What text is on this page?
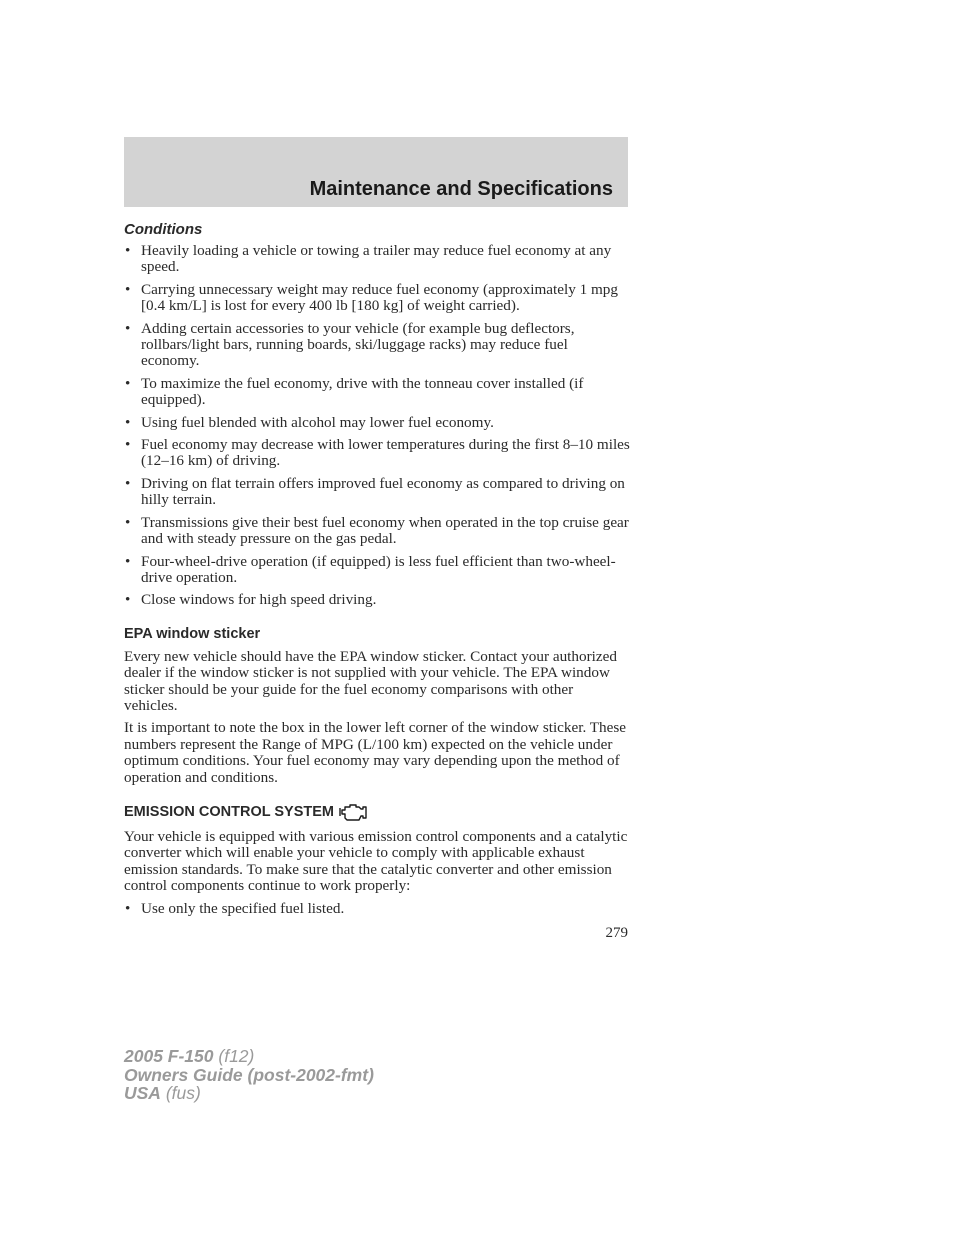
Maintenance and Specifications
Conditions
• Heavily loading a vehicle or towing a trailer may reduce fuel economy at any speed.
• Carrying unnecessary weight may reduce fuel economy (approximately 1 mpg [0.4 km/L] is lost for every 400 lb [180 kg] of weight carried).
• Adding certain accessories to your vehicle (for example bug deflectors, rollbars/light bars, running boards, ski/luggage racks) may reduce fuel economy.
• To maximize the fuel economy, drive with the tonneau cover installed (if equipped).
• Using fuel blended with alcohol may lower fuel economy.
• Fuel economy may decrease with lower temperatures during the first 8–10 miles (12–16 km) of driving.
• Driving on flat terrain offers improved fuel economy as compared to driving on hilly terrain.
• Transmissions give their best fuel economy when operated in the top cruise gear and with steady pressure on the gas pedal.
• Four-wheel-drive operation (if equipped) is less fuel efficient than two-wheel-drive operation.
• Close windows for high speed driving.
EPA window sticker

Every new vehicle should have the EPA window sticker. Contact your authorized dealer if the window sticker is not supplied with your vehicle. The EPA window sticker should be your guide for the fuel economy comparisons with other vehicles.

It is important to note the box in the lower left corner of the window sticker. These numbers represent the Range of MPG (L/100 km) expected on the vehicle under optimum conditions. Your fuel economy may vary depending upon the method of operation and conditions.

EMISSION CONTROL SYSTEM

Your vehicle is equipped with various emission control components and a catalytic converter which will enable your vehicle to comply with applicable exhaust emission standards. To make sure that the catalytic converter and other emission control components continue to work properly:

• Use only the specified fuel listed.
279
2005 F-150 (f12)
Owners Guide (post-2002-fmt)
USA (fus)
